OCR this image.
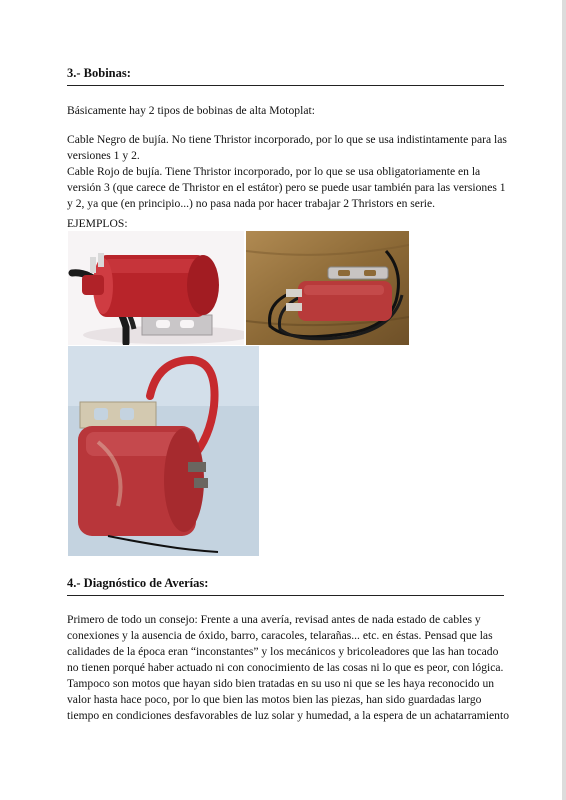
3.- Bobinas:

Básicamente hay 2 tipos de bobinas de alta Motoplat:

Cable Negro de bujía. No tiene Thristor incorporado, por lo que se usa indistintamente para las

versiones 1 y 2.

Cable Rojo de bujía. Tiene Thristor incorporado, por lo que se usa obligatoriamente en la

versión 3 (que carece de Thristor en el estátor) pero se puede usar también para las versiones 1

y 2, ya que (en principio...) no pasa nada por hacer trabajar 2 Thristors en serie.

EJEMPLOS:
4.- Diagnóstico de Averías:

Primero de todo un consejo: Frente a una avería, revisad antes de nada estado de cables y

conexiones y la ausencia de óxido, barro, caracoles, telarañas... etc. en éstas. Pensad que las

calidades de la época eran “inconstantes” y los mecánicos y bricoleadores que las han tocado

no tienen porqué haber actuado ni con conocimiento de las cosas ni lo que es peor, con lógica.

Tampoco son motos que hayan sido bien tratadas en su uso ni que se les haya reconocido un

valor hasta hace poco, por lo que bien las motos bien las piezas, han sido guardadas largo

tiempo en condiciones desfavorables de luz solar y humedad, a la espera de un achatarramiento
